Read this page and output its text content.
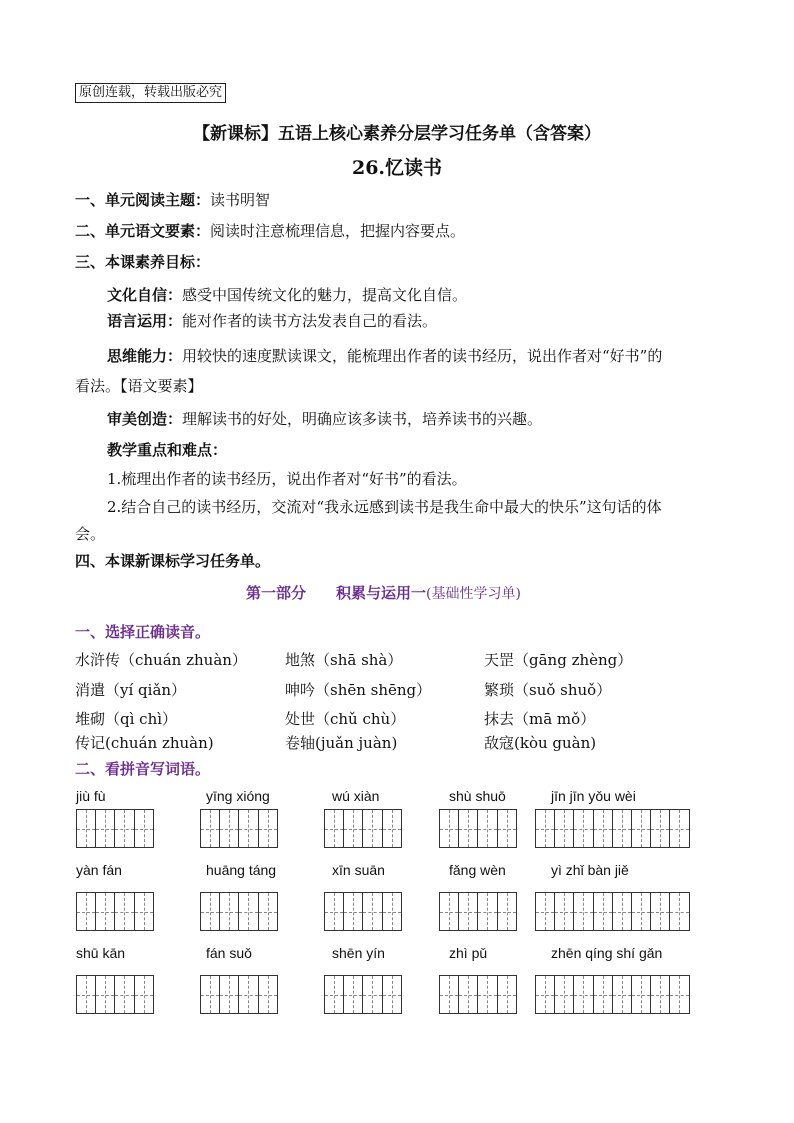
原创连载，转载出版必究
【新课标】五语上核心素养分层学习任务单（含答案）
26.忆读书
一、单元阅读主题：读书明智
二、单元语文要素：阅读时注意梳理信息，把握内容要点。
三、本课素养目标：
文化自信：感受中国传统文化的魅力，提高文化自信。
语言运用：能对作者的读书方法发表自己的看法。
思维能力：用较快的速度默读课文，能梳理出作者的读书经历，说出作者对“好书”的
看法。【语文要素】
审美创造：理解读书的好处，明确应该多读书，培养读书的兴趣。
教学重点和难点：
1.梳理出作者的读书经历，说出作者对“好书”的看法。
2.结合自己的读书经历，交流对“我永远感到读书是我生命中最大的快乐”这句话的体
会。
四、本课新课标学习任务单。
第一部分 积累与运用一(基础性学习单)
一、选择正确读音。
水浒传（chuán zhuàn）	地煞（shā shà）	天罡（gāng zhèng）
消遣（yí qiǎn）	呻吟（shēn shēng）	繁琐（suǒ shuǒ）
堆砌（qì chì）	处世（chǔ chù）	抹去（mā mǒ）
传记(chuán zhuàn)	卷轴(juǎn juàn)	敌寇(kòu guàn)
二、看拼音写词语。
jiù fù	yīng xióng	wú xiàn	shù shuō	jīn jīn yǒu wèi
yàn fán	huāng táng	xīn suān	fǎng wèn	yì zhǐ bàn jiě
shū kān	fán suǒ	shēn yín	zhì pǔ	zhēn qíng shí gǎn
